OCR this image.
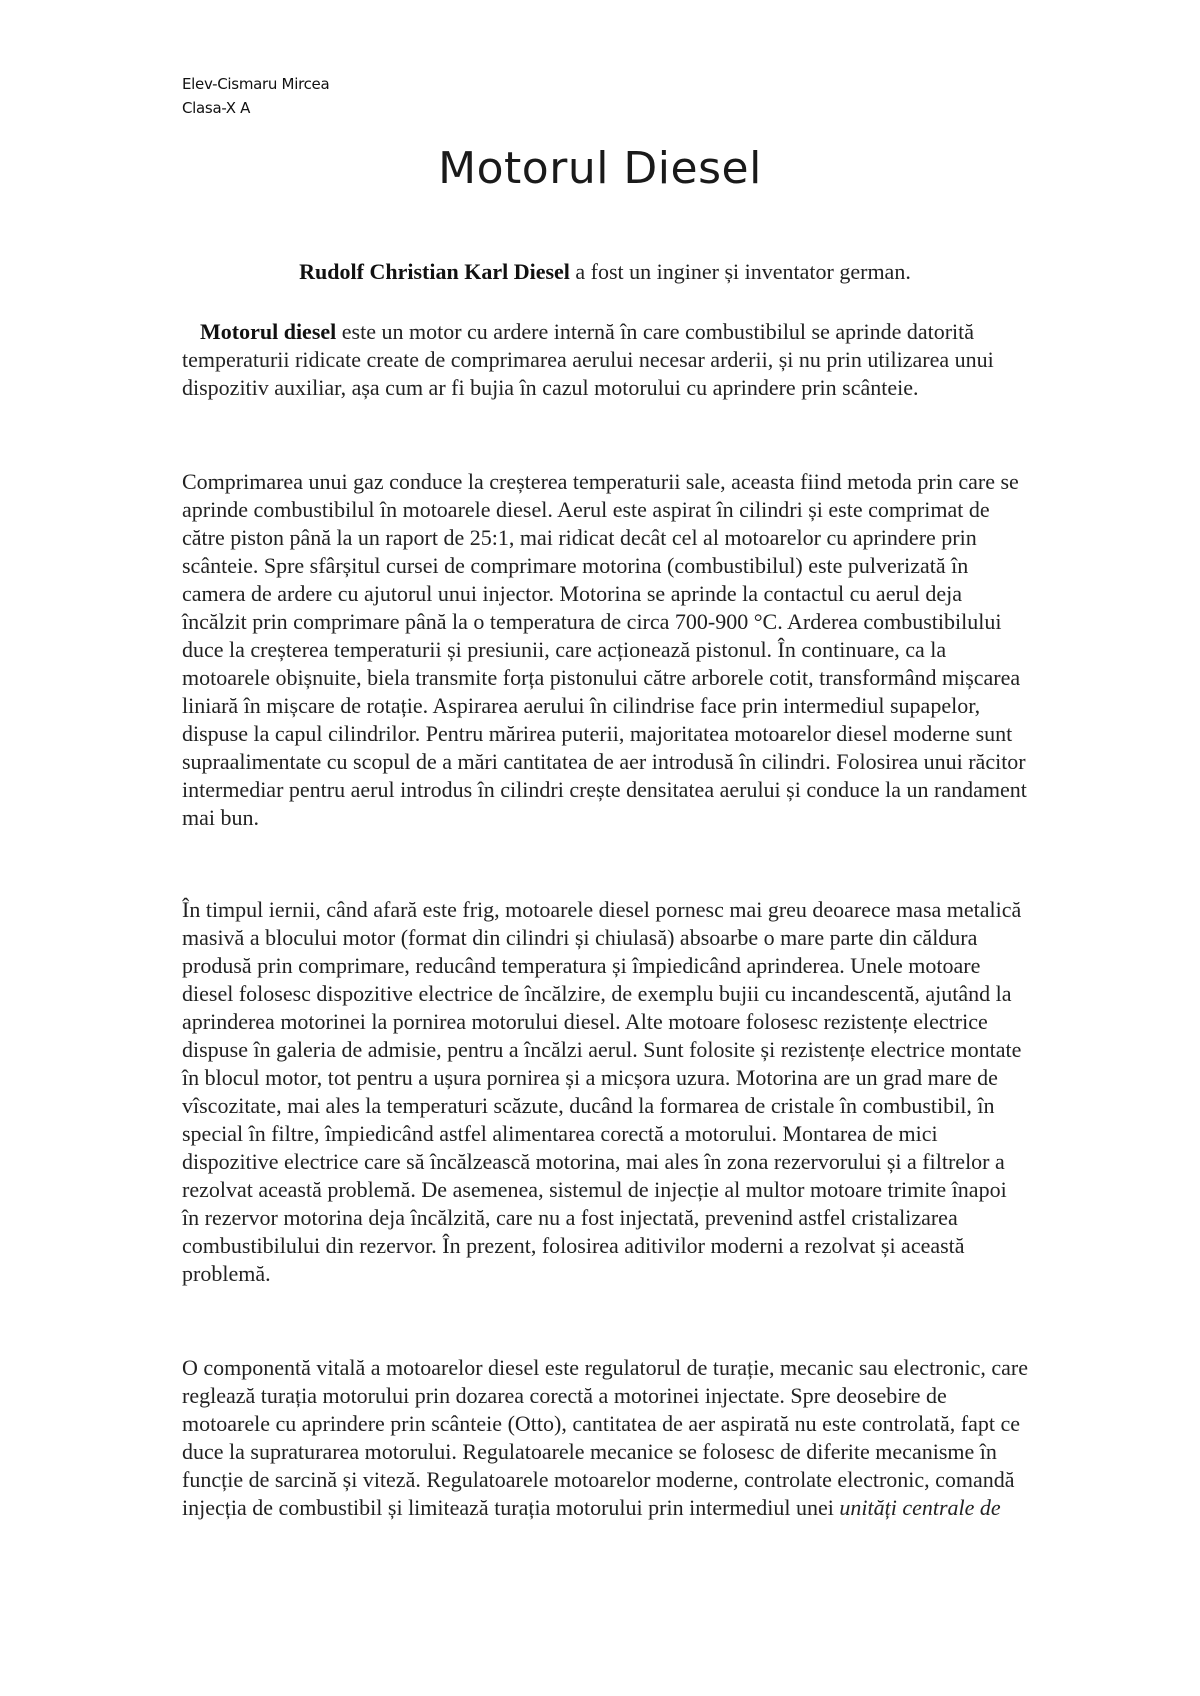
Elev-Cismaru Mircea
Clasa-X A
Motorul Diesel

Rudolf Christian Karl Diesel a fost un inginer și inventator german.

Motorul diesel este un motor cu ardere internă în care combustibilul se aprinde datorită temperaturii ridicate create de comprimarea aerului necesar arderii, și nu prin utilizarea unui dispozitiv auxiliar, așa cum ar fi bujia în cazul motorului cu aprindere prin scânteie.

Comprimarea unui gaz conduce la creșterea temperaturii sale, aceasta fiind metoda prin care se aprinde combustibilul în motoarele diesel. Aerul este aspirat în cilindri și este comprimat de către piston până la un raport de 25:1, mai ridicat decât cel al motoarelor cu aprindere prin scânteie. Spre sfârșitul cursei de comprimare motorina (combustibilul) este pulverizată în camera de ardere cu ajutorul unui injector. Motorina se aprinde la contactul cu aerul deja încălzit prin comprimare până la o temperatura de circa 700-900 °C. Arderea combustibilului duce la creșterea temperaturii și presiunii, care acționează pistonul. În continuare, ca la motoarele obișnuite, biela transmite forța pistonului către arborele cotit, transformând mișcarea liniară în mișcare de rotație. Aspirarea aerului în cilindrise face prin intermediul supapelor, dispuse la capul cilindrilor. Pentru mărirea puterii, majoritatea motoarelor diesel moderne sunt supraalimentate cu scopul de a mări cantitatea de aer introdusă în cilindri. Folosirea unui răcitor intermediar pentru aerul introdus în cilindri crește densitatea aerului și conduce la un randament mai bun.

În timpul iernii, când afară este frig, motoarele diesel pornesc mai greu deoarece masa metalică masivă a blocului motor (format din cilindri și chiulasă) absoarbe o mare parte din căldura produsă prin comprimare, reducând temperatura și împiedicând aprinderea. Unele motoare diesel folosesc dispozitive electrice de încălzire, de exemplu bujii cu incandescentă, ajutând la aprinderea motorinei la pornirea motorului diesel. Alte motoare folosesc rezistențe electrice dispuse în galeria de admisie, pentru a încălzi aerul. Sunt folosite și rezistențe electrice montate în blocul motor, tot pentru a ușura pornirea și a micșora uzura. Motorina are un grad mare de vîscozitate, mai ales la temperaturi scăzute, ducând la formarea de cristale în combustibil, în special în filtre, împiedicând astfel alimentarea corectă a motorului. Montarea de mici dispozitive electrice care să încălzească motorina, mai ales în zona rezervorului și a filtrelor a rezolvat această problemă. De asemenea, sistemul de injecție al multor motoare trimite înapoi în rezervor motorina deja încălzită, care nu a fost injectată, prevenind astfel cristalizarea combustibilului din rezervor. În prezent, folosirea aditivilor moderni a rezolvat și această problemă.

O componentă vitală a motoarelor diesel este regulatorul de turație, mecanic sau electronic, care reglează turația motorului prin dozarea corectă a motorinei injectate. Spre deosebire de motoarele cu aprindere prin scânteie (Otto), cantitatea de aer aspirată nu este controlată, fapt ce duce la supraturarea motorului. Regulatoarele mecanice se folosesc de diferite mecanisme în funcție de sarcină și viteză. Regulatoarele motoarelor moderne, controlate electronic, comandă injecția de combustibil și limitează turația motorului prin intermediul unei unități centrale de
